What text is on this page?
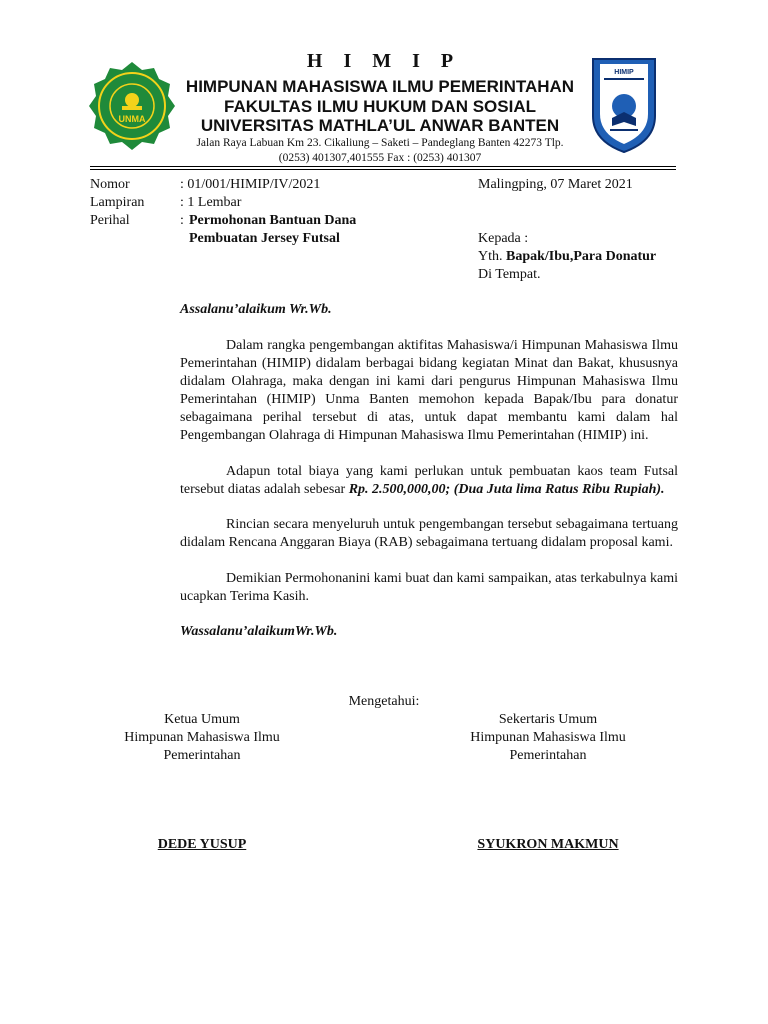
UNMA
HIMIP
H I M I P
HIMPUNAN MAHASISWA ILMU PEMERINTAHAN
FAKULTAS ILMU HUKUM DAN SOSIAL
UNIVERSITAS MATHLA’UL ANWAR BANTEN
Jalan Raya Labuan Km 23. Cikaliung – Saketi – Pandeglang Banten 42273 Tlp.
(0253) 401307,401555 Fax : (0253) 401307
Nomor	: 01/001/HIMIP/IV/2021
Lampiran	: 1 Lembar
Perihal	: Permohonan Bantuan Dana
Pembuatan Jersey Futsal
Malingping, 07 Maret 2021
Kepada :
Yth. Bapak/Ibu,Para Donatur
Di Tempat.
Assalanu’alaikum Wr.Wb.
Dalam rangka pengembangan aktifitas Mahasiswa/i Himpunan Mahasiswa Ilmu Pemerintahan (HIMIP) didalam berbagai bidang kegiatan Minat dan Bakat, khususnya didalam Olahraga, maka dengan ini kami dari pengurus Himpunan Mahasiswa Ilmu Pemerintahan (HIMIP) Unma Banten memohon kepada Bapak/Ibu para donatur sebagaimana perihal tersebut di atas, untuk dapat membantu kami dalam hal Pengembangan Olahraga di Himpunan Mahasiswa Ilmu Pemerintahan (HIMIP) ini.
Adapun total biaya yang kami perlukan untuk pembuatan kaos team Futsal tersebut diatas adalah sebesar Rp. 2.500,000,00; (Dua Juta lima Ratus Ribu Rupiah).
Rincian secara menyeluruh untuk pengembangan tersebut sebagaimana tertuang didalam Rencana Anggaran Biaya (RAB) sebagaimana tertuang didalam proposal kami.
Demikian Permohonanini kami buat dan kami sampaikan, atas terkabulnya kami ucapkan Terima Kasih.
Wassalanu’alaikumWr.Wb.
Mengetahui:
Ketua Umum
Himpunan Mahasiswa Ilmu
Pemerintahan
DEDE YUSUP
Sekertaris Umum
Himpunan Mahasiswa Ilmu
Pemerintahan
SYUKRON MAKMUN
